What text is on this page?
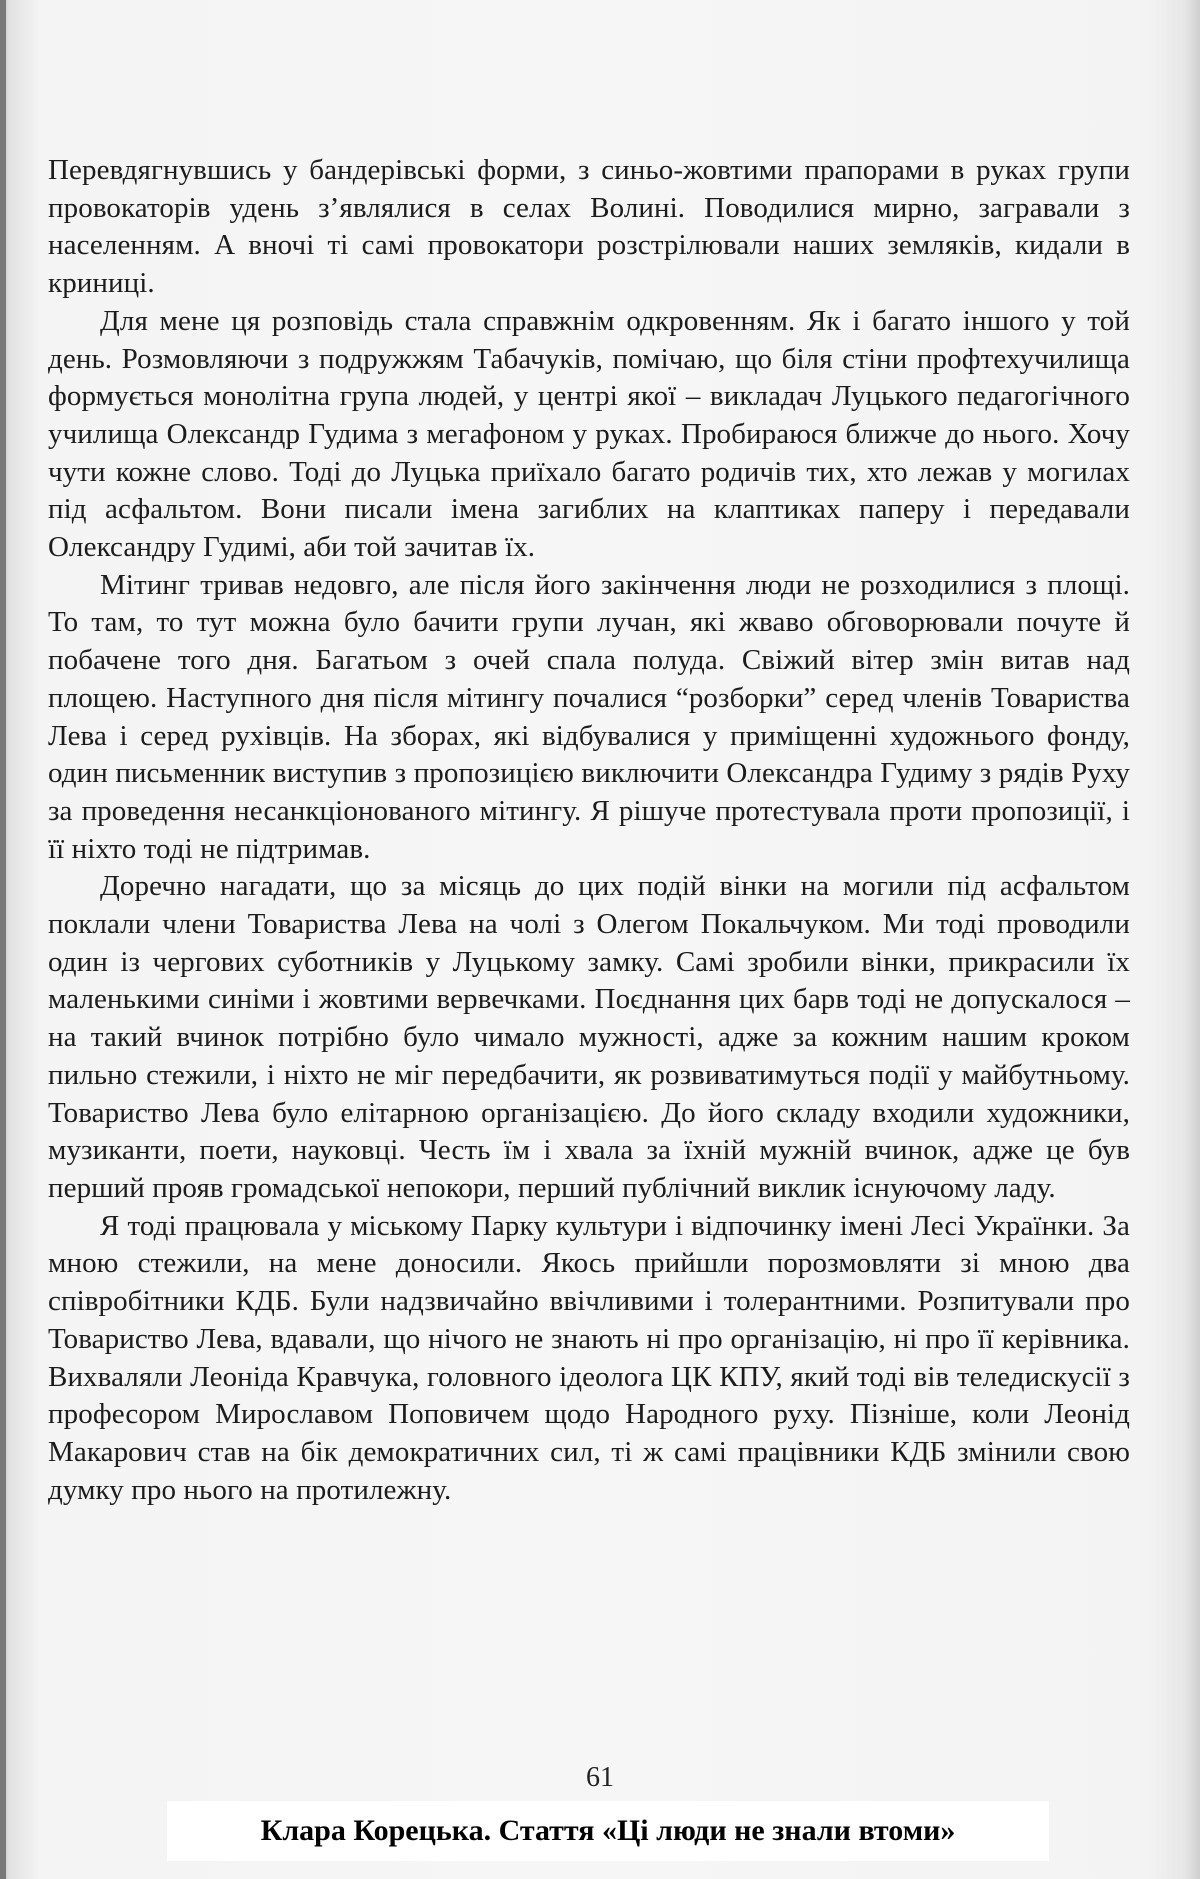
Перевдягнувшись у бандерівські форми, з синьо-жовтими прапорами в руках групи провокаторів удень з’являлися в селах Волині. Поводилися мирно, загравали з населенням. А вночі ті самі провокатори розстрілювали наших земляків, кидали в криниці.

Для мене ця розповідь стала справжнім одкровенням. Як і багато іншого у той день. Розмовляючи з подружжям Табачуків, помічаю, що біля стіни профтехучилища формується монолітна група людей, у центрі якої – викладач Луцького педагогічного училища Олександр Гудима з мегафоном у руках. Пробираюся ближче до нього. Хочу чути кожне слово. Тоді до Луцька приїхало багато родичів тих, хто лежав у могилах під асфальтом. Вони писали імена загиблих на клаптиках паперу і передавали Олександру Гудимі, аби той зачитав їх.

Мітинг тривав недовго, але після його закінчення люди не розходилися з площі. То там, то тут можна було бачити групи лучан, які жваво обговорювали почуте й побачене того дня. Багатьом з очей спала полуда. Свіжий вітер змін витав над площею. Наступного дня після мітингу почалися “розборки” серед членів Товариства Лева і серед рухівців. На зборах, які відбувалися у приміщенні художнього фонду, один письменник виступив з пропозицією виключити Олександра Гудиму з рядів Руху за проведення несанкціонованого мітингу. Я рішуче протестувала проти пропозиції, і її ніхто тоді не підтримав.

Доречно нагадати, що за місяць до цих подій вінки на могили під асфальтом поклали члени Товариства Лева на чолі з Олегом Покальчуком. Ми тоді проводили один із чергових суботників у Луцькому замку. Самі зробили вінки, прикрасили їх маленькими синіми і жовтими вервечками. Поєднання цих барв тоді не допускалося – на такий вчинок потрібно було чимало мужності, адже за кожним нашим кроком пильно стежили, і ніхто не міг передбачити, як розвиватимуться події у майбутньому. Товариство Лева було елітарною організацією. До його складу входили художники, музиканти, поети, науковці. Честь їм і хвала за їхній мужній вчинок, адже це був перший прояв громадської непокори, перший публічний виклик існуючому ладу.

Я тоді працювала у міському Парку культури і відпочинку імені Лесі Українки. За мною стежили, на мене доносили. Якось прийшли порозмовляти зі мною два співробітники КДБ. Були надзвичайно ввічливими і толерантними. Розпитували про Товариство Лева, вдавали, що нічого не знають ні про організацію, ні про її керівника. Вихваляли Леоніда Кравчука, головного ідеолога ЦК КПУ, який тоді вів теледискусії з професором Мирославом Поповичем щодо Народного руху. Пізніше, коли Леонід Макарович став на бік демократичних сил, ті ж самі працівники КДБ змінили свою думку про нього на протилежну.

61
Клара Корецька. Стаття «Ці люди не знали втоми»
